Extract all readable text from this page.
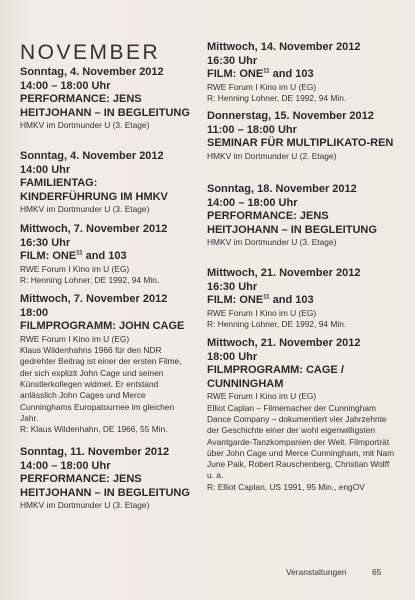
NOVEMBER

Sonntag, 4. November 2012

14:00 – 18:00 Uhr

PERFORMANCE: JENS HEITJOHANN – IN BEGLEITUNG

HMKV im Dortmunder U (3. Etage)

Sonntag, 4. November 2012

14:00 Uhr

FAMILIENTAG: KINDERFÜHRUNG IM HMKV

HMKV im Dortmunder U (3. Etage)

Mittwoch, 7. November 2012

16:30 Uhr

FILM: ONE$^{11}$ and 103

RWE Forum I Kino im U (EG)

R: Henning Lohner, DE 1992, 94 Min.

Mittwoch, 7. November 2012

18:00

FILMPROGRAMM: JOHN CAGE

RWE Forum I Kino im U (EG)

Klaus Wildenhahns 1966 für den NDR gedrehter Beitrag ist einer der ersten Filme, der sich explizit John Cage und seinen Künstlerkollegen widmet. Er entstand anlässlich John Cages und Merce Cunninghams Europatournee im gleichen Jahr.

R: Klaus Wildenhahn, DE 1966, 55 Min.

Sonntag, 11. November 2012

14:00 – 18:00 Uhr

PERFORMANCE: JENS HEITJOHANN – IN BEGLEITUNG

HMKV im Dortmunder U (3. Etage)

Mittwoch, 14. November 2012

16:30 Uhr

FILM: ONE$^{11}$ and 103

RWE Forum I Kino im U (EG)

R: Henning Lohner, DE 1992, 94 Min.

Donnerstag, 15. November 2012

11:00 – 18:00 Uhr

SEMINAR FÜR MULTIPLIKATO-REN

HMKV im Dortmunder U (2. Etage)

Sonntag, 18. November 2012

14:00 – 18:00 Uhr

PERFORMANCE: JENS HEITJOHANN – IN BEGLEITUNG

HMKV im Dortmunder U (3. Etage)

Mittwoch, 21. November 2012

16:30 Uhr

FILM: ONE$^{11}$ and 103

RWE Forum I Kino im U (EG)

R: Henning Lohner, DE 1992, 94 Min.

Mittwoch, 21. November 2012

18:00 Uhr

FILMPROGRAMM: CAGE / CUNNINGHAM

RWE Forum I Kino im U (EG)

Elliot Caplan – Filmemacher der Cunningham Dance Company – dokumentiert vier Jahrzehnte der Geschichte einer der wohl eigenwilligsten Avantgarde-Tanzkompanien der Welt. Filmporträt über John Cage und Merce Cunningham, mit Nam June Paik, Robert Rauschenberg, Christian Wolff u. a.

R: Elliot Caplan, US 1991, 95 Min., engOV

Veranstaltungen	65
